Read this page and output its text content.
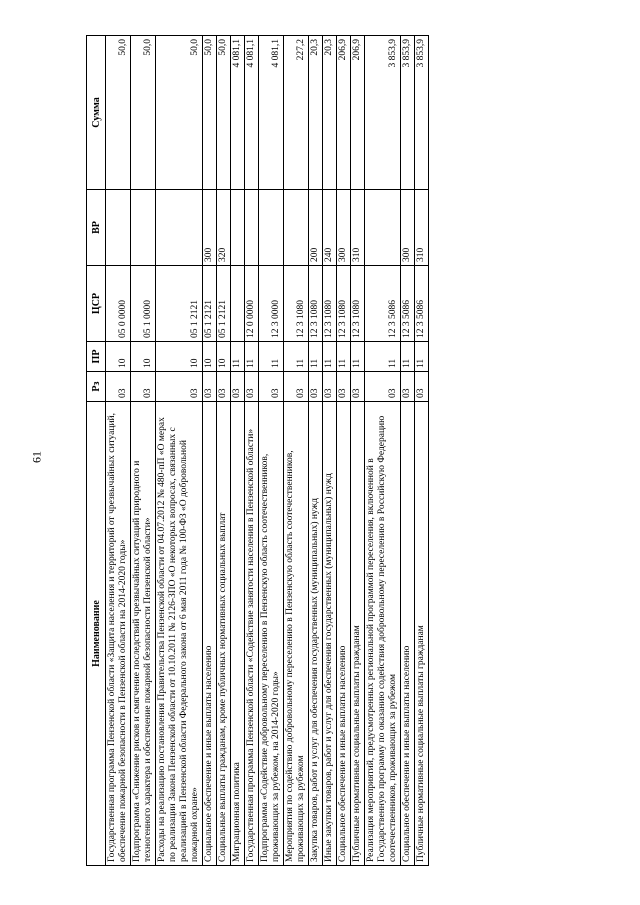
61
Наименование	Рз	ПР	ЦСР	ВР	Сумма
Государственная программа Пензенской области «Защита населения и территорий от чрезвычайных ситуаций, обеспечение пожарной безопасности в Пензенской области на 2014-2020 годы»	03	10	05 0 0000		50,0
Подпрограмма «Снижение рисков и смягчение последствий чрезвычайных ситуаций природного и техногенного характера и обеспечение пожарной безопасности Пензенской области»	03	10	05 1 0000		50,0
Расходы на реализацию постановления Правительства Пензенской области от 04.07.2012 № 480-пП «О мерах по реализации Закона Пензенской области от 10.10.2011 № 2126-ЗПО «О некоторых вопросах, связанных с реализацией в Пензенской области Федерального закона от 6 мая 2011 года № 100-ФЗ «О добровольной пожарной охране»	03	10	05 1 2121		50,0
Социальное обеспечение и иные выплаты населению	03	10	05 1 2121	300	50,0
Социальные выплаты гражданам, кроме публичных нормативных социальных выплат	03	10	05 1 2121	320	50,0
Миграционная политика	03	11			4 081,1
Государственная программа Пензенской области «Содействие занятости населения в Пензенской области»	03	11	12 0 0000		4 081,1
Подпрограмма «Содействие добровольному переселению в Пензенскую область соотечественников, проживающих за рубежом, на 2014-2020 годы»	03	11	12 3 0000		4 081,1
Мероприятия по содействию добровольному переселению в Пензенскую область соотечественников, проживающих за рубежом	03	11	12 3 1080		227,2
Закупка товаров, работ и услуг для обеспечения государственных (муниципальных) нужд	03	11	12 3 1080	200	20,3
Иные закупки товаров, работ и услуг для обеспечения государственных (муниципальных) нужд	03	11	12 3 1080	240	20,3
Социальное обеспечение и иные выплаты населению	03	11	12 3 1080	300	206,9
Публичные нормативные социальные выплаты гражданам	03	11	12 3 1080	310	206,9
Реализация мероприятий, предусмотренных региональной программой переселения, включенной в Государственную программу по оказанию содействия добровольному переселению в Российскую Федерацию соотечественников, проживающих за рубежом	03	11	12 3 5086		3 853,9
Социальное обеспечение и иные выплаты населению	03	11	12 3 5086	300	3 853,9
Публичные нормативные социальные выплаты гражданам	03	11	12 3 5086	310	3 853,9
